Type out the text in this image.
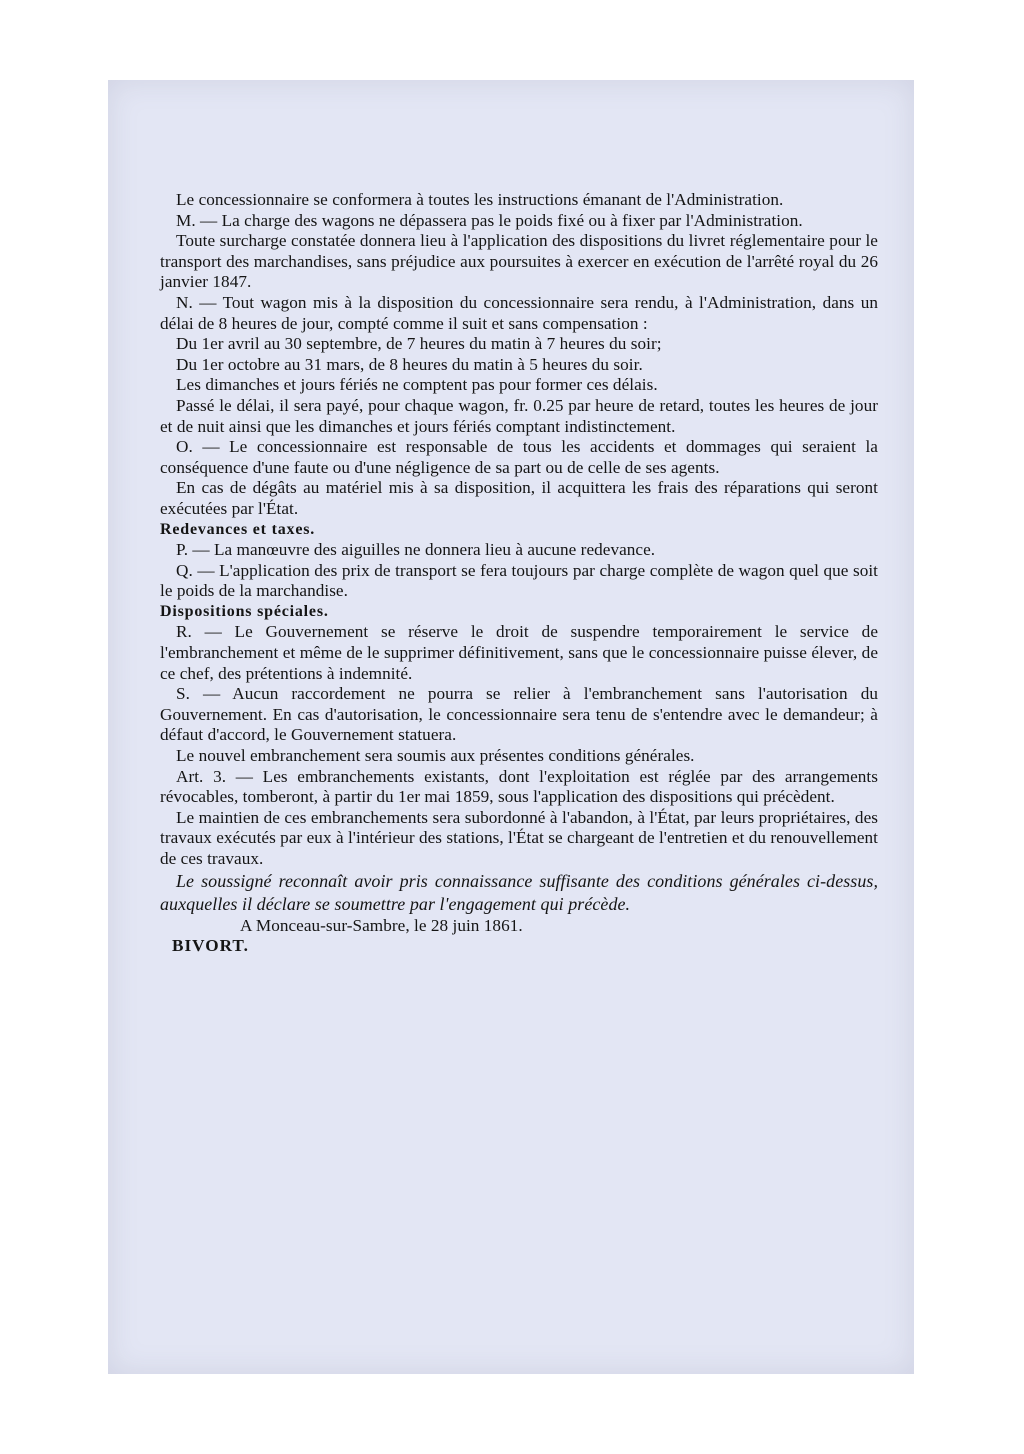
Le concessionnaire se conformera à toutes les instructions émanant de l'Administration.

M. — La charge des wagons ne dépassera pas le poids fixé ou à fixer par l'Administration.

Toute surcharge constatée donnera lieu à l'application des dispositions du livret réglementaire pour le transport des marchandises, sans préjudice aux poursuites à exercer en exécution de l'arrêté royal du 26 janvier 1847.

N. — Tout wagon mis à la disposition du concessionnaire sera rendu, à l'Administration, dans un délai de 8 heures de jour, compté comme il suit et sans compensation :

Du 1er avril au 30 septembre, de 7 heures du matin à 7 heures du soir;

Du 1er octobre au 31 mars, de 8 heures du matin à 5 heures du soir.

Les dimanches et jours fériés ne comptent pas pour former ces délais.

Passé le délai, il sera payé, pour chaque wagon, fr. 0.25 par heure de retard, toutes les heures de jour et de nuit ainsi que les dimanches et jours fériés comptant indistinctement.

O. — Le concessionnaire est responsable de tous les accidents et dommages qui seraient la conséquence d'une faute ou d'une négligence de sa part ou de celle de ses agents.

En cas de dégâts au matériel mis à sa disposition, il acquittera les frais des réparations qui seront exécutées par l'État.

Redevances et taxes.

P. — La manœuvre des aiguilles ne donnera lieu à aucune redevance.

Q. — L'application des prix de transport se fera toujours par charge complète de wagon quel que soit le poids de la marchandise.

Dispositions spéciales.

R. — Le Gouvernement se réserve le droit de suspendre temporairement le service de l'embranchement et même de le supprimer définitivement, sans que le concessionnaire puisse élever, de ce chef, des prétentions à indemnité.

S. — Aucun raccordement ne pourra se relier à l'embranchement sans l'autorisation du Gouvernement. En cas d'autorisation, le concessionnaire sera tenu de s'entendre avec le demandeur; à défaut d'accord, le Gouvernement statuera.

Le nouvel embranchement sera soumis aux présentes conditions générales.

Art. 3. — Les embranchements existants, dont l'exploitation est réglée par des arrangements révocables, tomberont, à partir du 1er mai 1859, sous l'application des dispositions qui précèdent.

Le maintien de ces embranchements sera subordonné à l'abandon, à l'État, par leurs propriétaires, des travaux exécutés par eux à l'intérieur des stations, l'État se chargeant de l'entretien et du renouvellement de ces travaux.

Le soussigné reconnaît avoir pris connaissance suffisante des conditions générales ci-dessus, auxquelles il déclare se soumettre par l'engagement qui précède.

A Monceau-sur-Sambre, le 28 juin 1861.

BIVORT.
